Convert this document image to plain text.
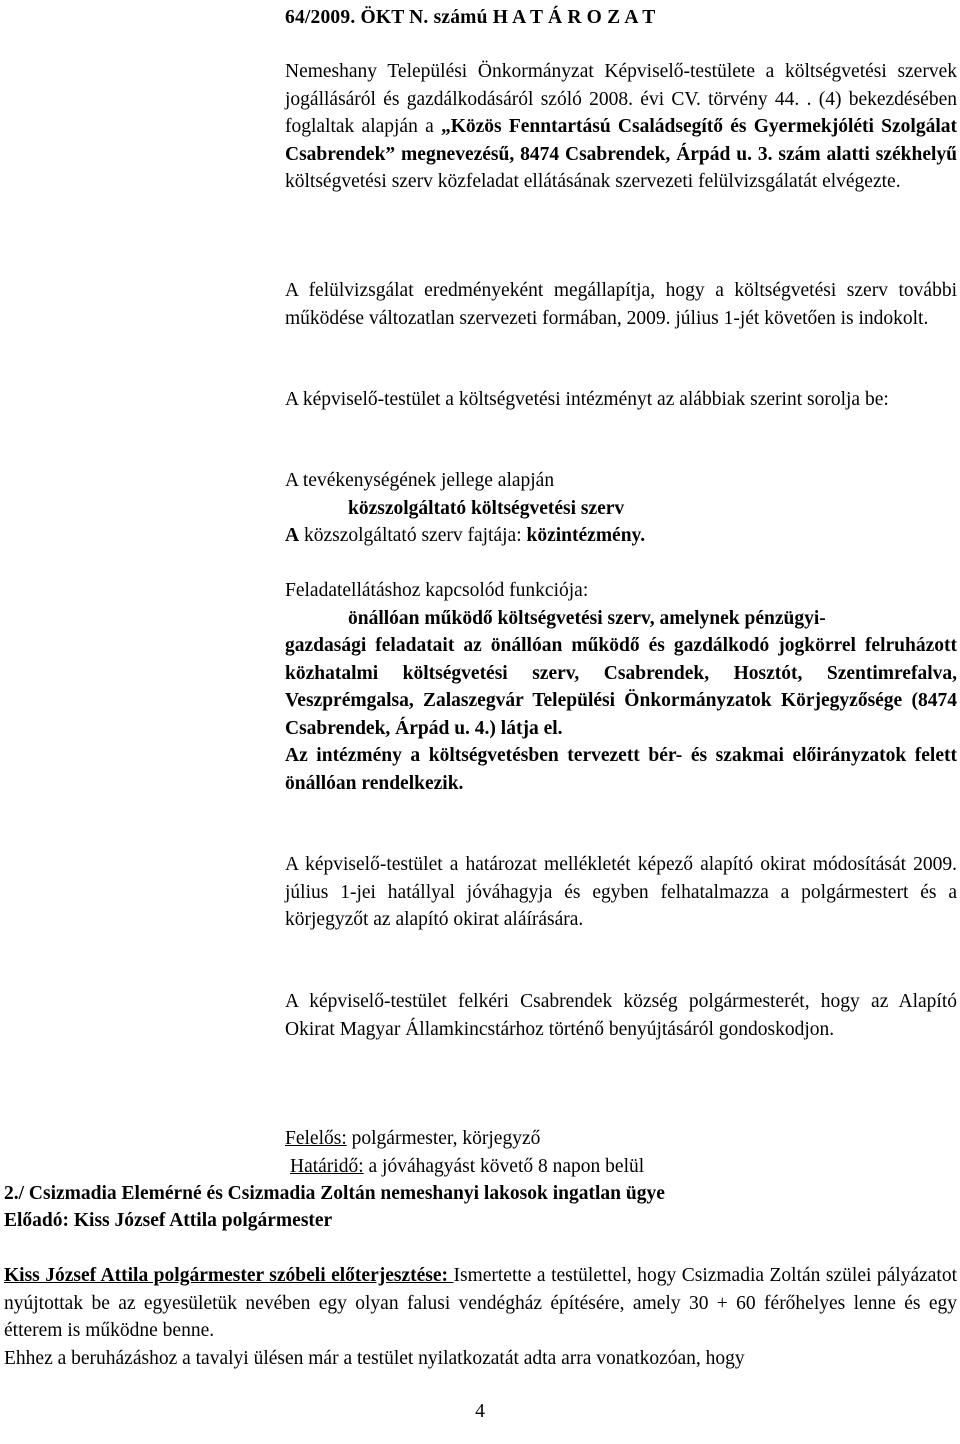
64/2009. ÖKT N. számú H A T Á R O Z A T

Nemeshany Települési Önkormányzat Képviselő-testülete a költségvetési szervek jogállásáról és gazdálkodásáról szóló 2008. évi CV. törvény 44. . (4) bekezdésében foglaltak alapján a „Közös Fenntartású Családsegítő és Gyermekjóléti Szolgálat Csabrendek” megnevezésű, 8474 Csabrendek, Árpád u. 3. szám alatti székhelyű költségvetési szerv közfeladat ellátásának szervezeti felülvizsgálatát elvégezte.

A felülvizsgálat eredményeként megállapítja, hogy a költségvetési szerv további működése változatlan szervezeti formában, 2009. július 1-jét követően is indokolt.

A képviselő-testület a költségvetési intézményt az alábbiak szerint sorolja be:

A tevékenységének jellege alapján
közszolgáltató költségvetési szerv
A közszolgáltató szerv fajtája: közintézmény.
Feladatellátáshoz kapcsolód funkciója:
önállóan működő költségvetési szerv, amelynek pénzügyi-
gazdasági feladatait az önállóan működő és gazdálkodó jogkörrel felruházott közhatalmi költségvetési szerv, Csabrendek, Hosztót, Szentimrefalva, Veszprémgalsa, Zalaszegvár Települési Önkormányzatok Körjegyzősége (8474 Csabrendek, Árpád u. 4.) látja el.
Az intézmény a költségvetésben tervezett bér- és szakmai előirányzatok felett önállóan rendelkezik.

A képviselő-testület a határozat mellékletét képező alapító okirat módosítását 2009. július 1-jei hatállyal jóváhagyja és egyben felhatalmazza a polgármestert és a körjegyzőt az alapító okirat aláírására.

A képviselő-testület felkéri Csabrendek község polgármesterét, hogy az Alapító Okirat Magyar Államkincstárhoz történő benyújtásáról gondoskodjon.

Felelős: polgármester, körjegyző

Határidő: a jóváhagyást követő 8 napon belül

2./ Csizmadia Elemérné és Csizmadia Zoltán nemeshanyi lakosok ingatlan ügye

Előadó: Kiss József Attila polgármester

Kiss József Attila polgármester szóbeli előterjesztése: Ismertette a testülettel, hogy Csizmadia Zoltán szülei pályázatot nyújtottak be az egyesületük nevében egy olyan falusi vendégház építésére, amely 30 + 60 férőhelyes lenne és egy étterem is működne benne.

Ehhez a beruházáshoz a tavalyi ülésen már a testület nyilatkozatát adta arra vonatkozóan, hogy

4
